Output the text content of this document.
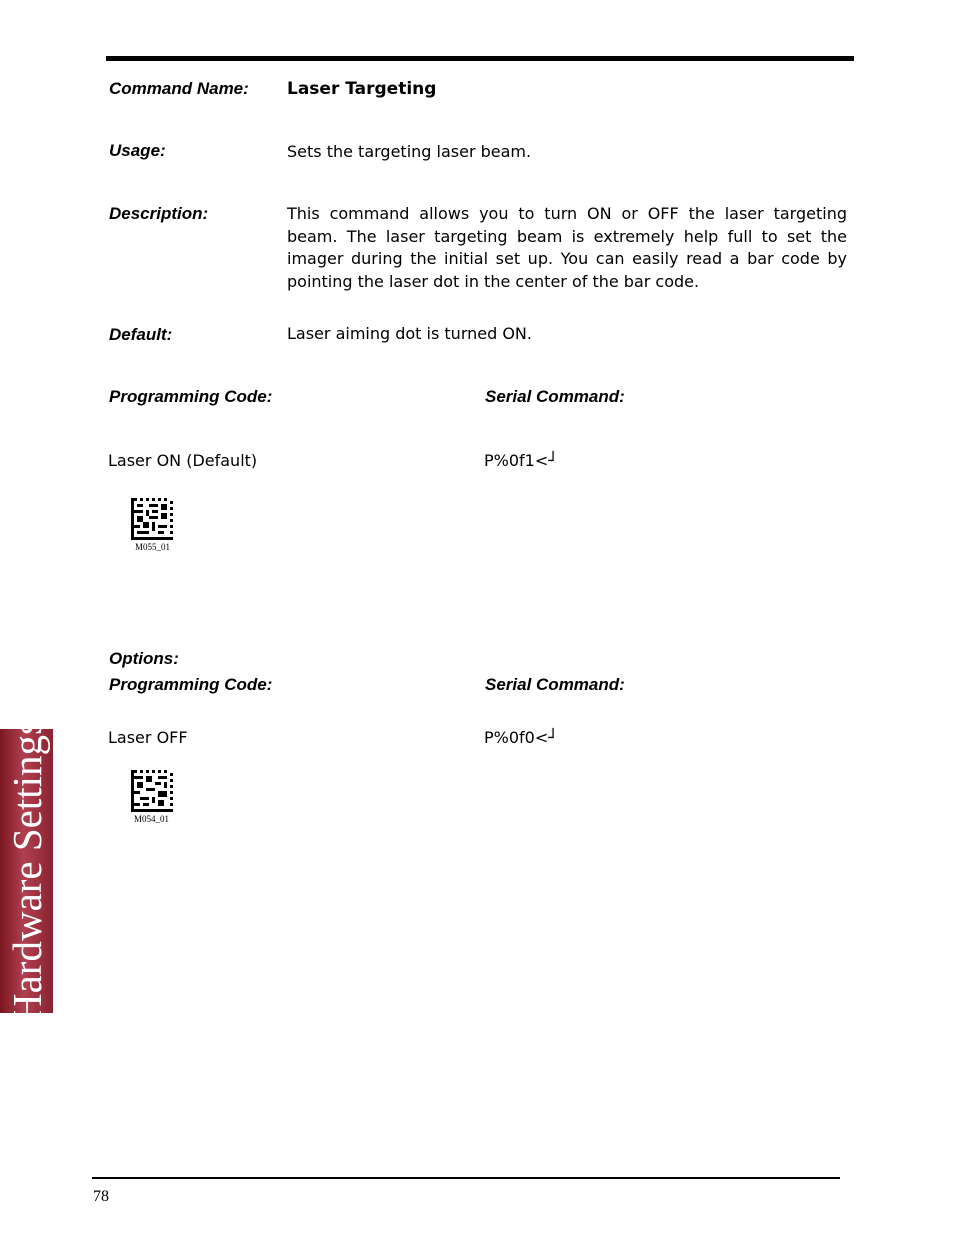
Command Name: Laser Targeting
Usage:	Sets the targeting laser beam.
Description:	This command allows you to turn ON or OFF the laser targeting beam. The laser targeting beam is extremely help full to set the imager during the initial set up. You can easily read a bar code by pointing the laser dot in the center of the bar code.
Default:	Laser aiming dot is turned ON.
Programming Code:	Serial Command:
Laser ON (Default)	P%0f1<┘
M055_01
Options:
Programming Code:	Serial Command:
Laser OFF	P%0f0<┘
M054_01
Hardware Settings
78
